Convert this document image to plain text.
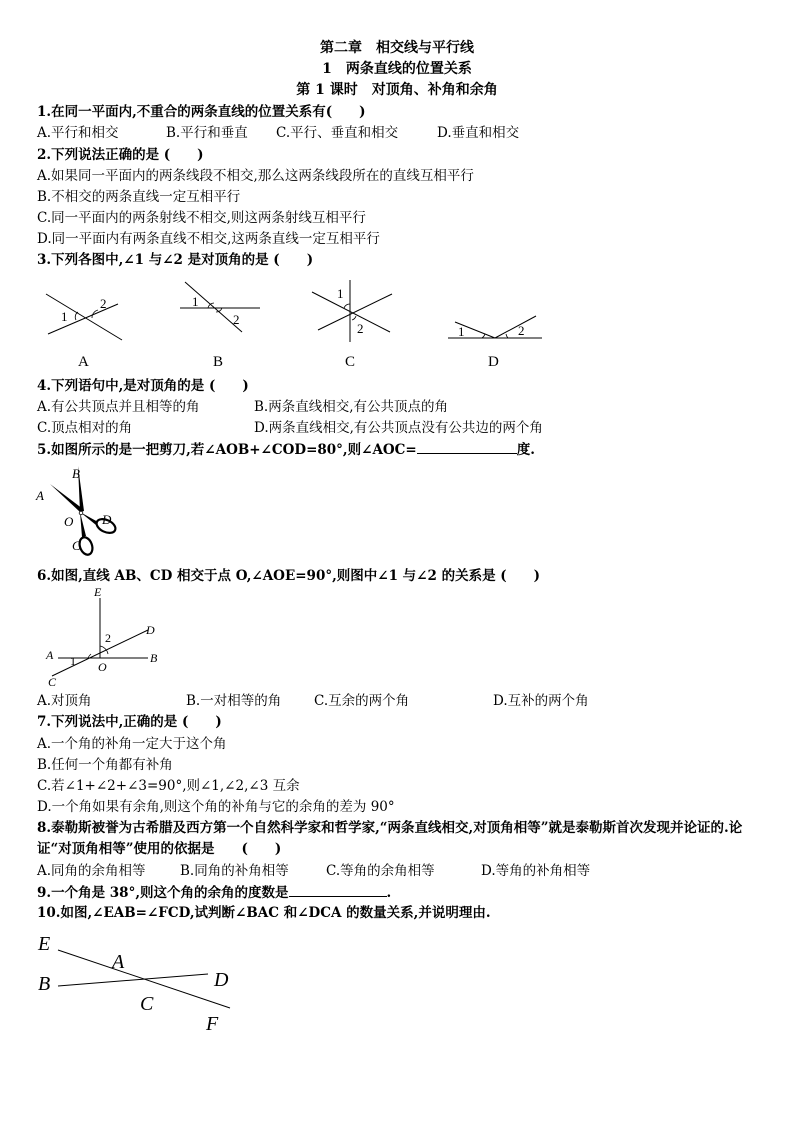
第二章　相交线与平行线
1　两条直线的位置关系
第 1 课时　对顶角、补角和余角
1.在同一平面内,不重合的两条直线的位置关系有(　　)
A.平行和相交	B.平行和垂直 C.平行、垂直和相交	D.垂直和相交
2.下列说法正确的是 (　　)
A.如果同一平面内的两条线段不相交,那么这两条线段所在的直线互相平行
B.不相交的两条直线一定互相平行
C.同一平面内的两条射线不相交,则这两条射线互相平行
D.同一平面内有两条直线不相交,这两条直线一定互相平行
3.下列各图中,∠1 与∠2 是对顶角的是 (　　)
1
2
A
1
2
B
1
2
C
1	2
D
4.下列语句中,是对顶角的是 (　　)
A.有公共顶点并且相等的角	B.两条直线相交,有公共顶点的角
C.顶点相对的角	D.两条直线相交,有公共顶点没有公共边的两个角
5.如图所示的是一把剪刀,若∠AOB+∠COD=80°,则∠AOC=	度.
A
B
O D
C
6.如图,直线 AB、CD 相交于点 O,∠AOE=90°,则图中∠1 与∠2 的关系是 (　　)
E
D
A	B
O
C
1
2
A.对顶角	B.一对相等的角 C.互余的两个角	D.互补的两个角
7.下列说法中,正确的是 (　　)
A.一个角的补角一定大于这个角
B.任何一个角都有补角
C.若∠1+∠2+∠3=90°,则∠1,∠2,∠3 互余
D.一个角如果有余角,则这个角的补角与它的余角的差为 90°
8.泰勒斯被誉为古希腊及西方第一个自然科学家和哲学家,“两条直线相交,对顶角相等”就是泰勒斯首次发现并论证的.论证“对顶角相等”使用的依据是　　(　　)
A.同角的余角相等	B.同角的补角相等	C.等角的余角相等	D.等角的补角相等
9.一个角是 38°,则这个角的余角的度数是	.
10.如图,∠EAB=∠FCD,试判断∠BAC 和∠DCA 的数量关系,并说明理由.
E
A
B
C
D
F
